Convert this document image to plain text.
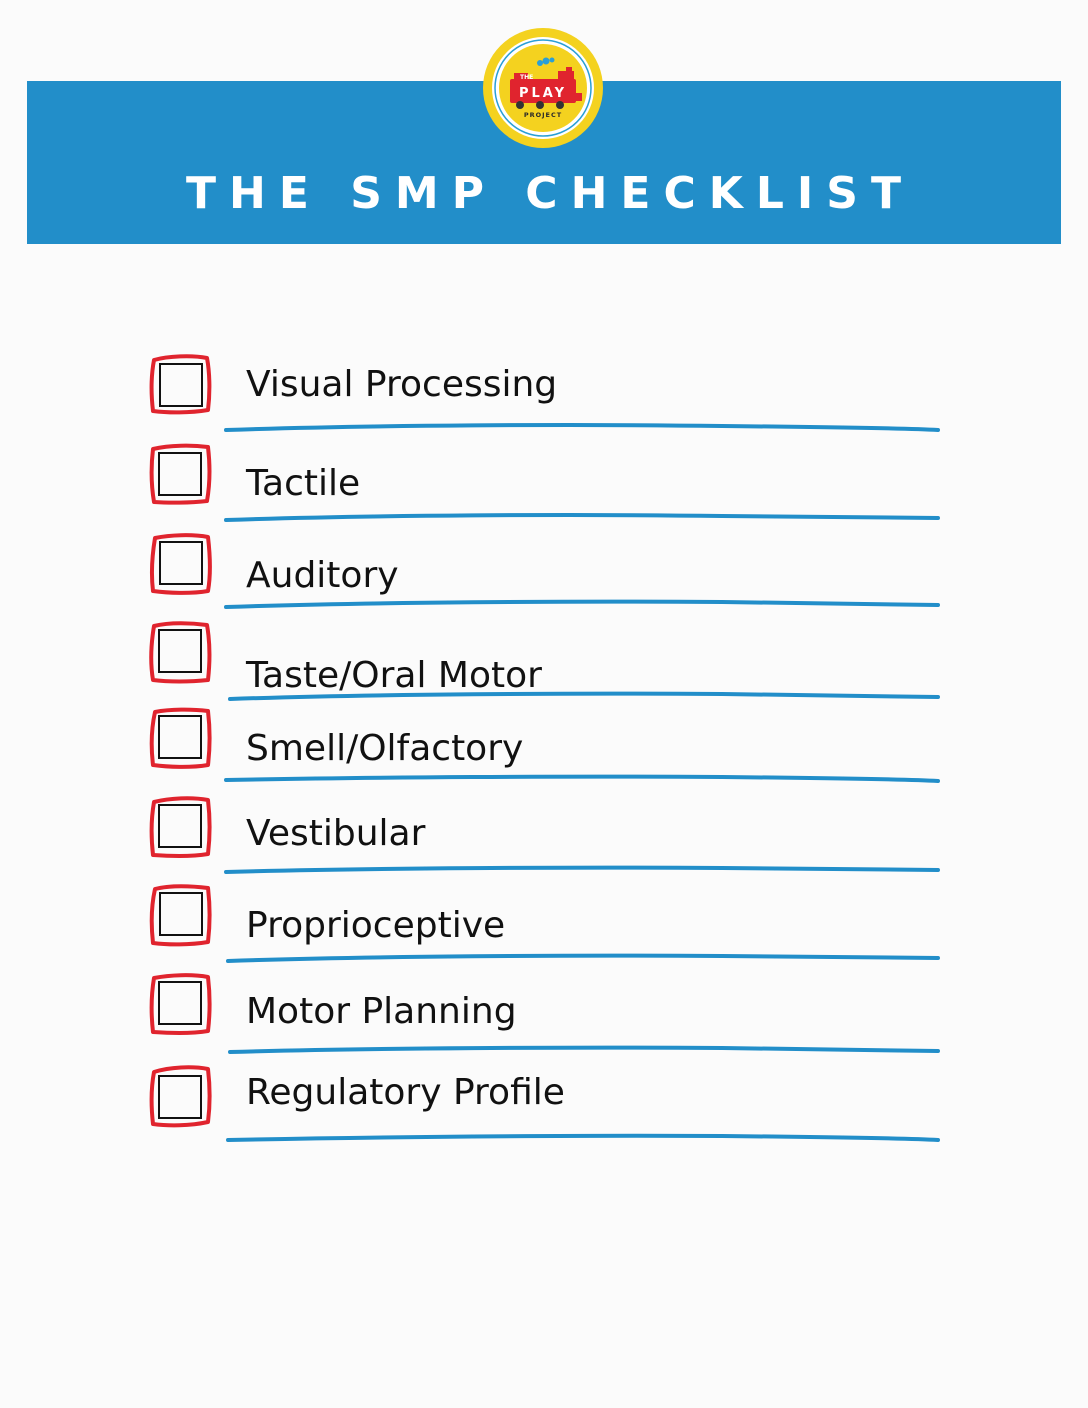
THE
PLAY
PROJECT
THE SMP CHECKLIST
Visual Processing
Tactile
Auditory
Taste/Oral Motor
Smell/Olfactory
Vestibular
Proprioceptive
Motor Planning
Regulatory Profile
